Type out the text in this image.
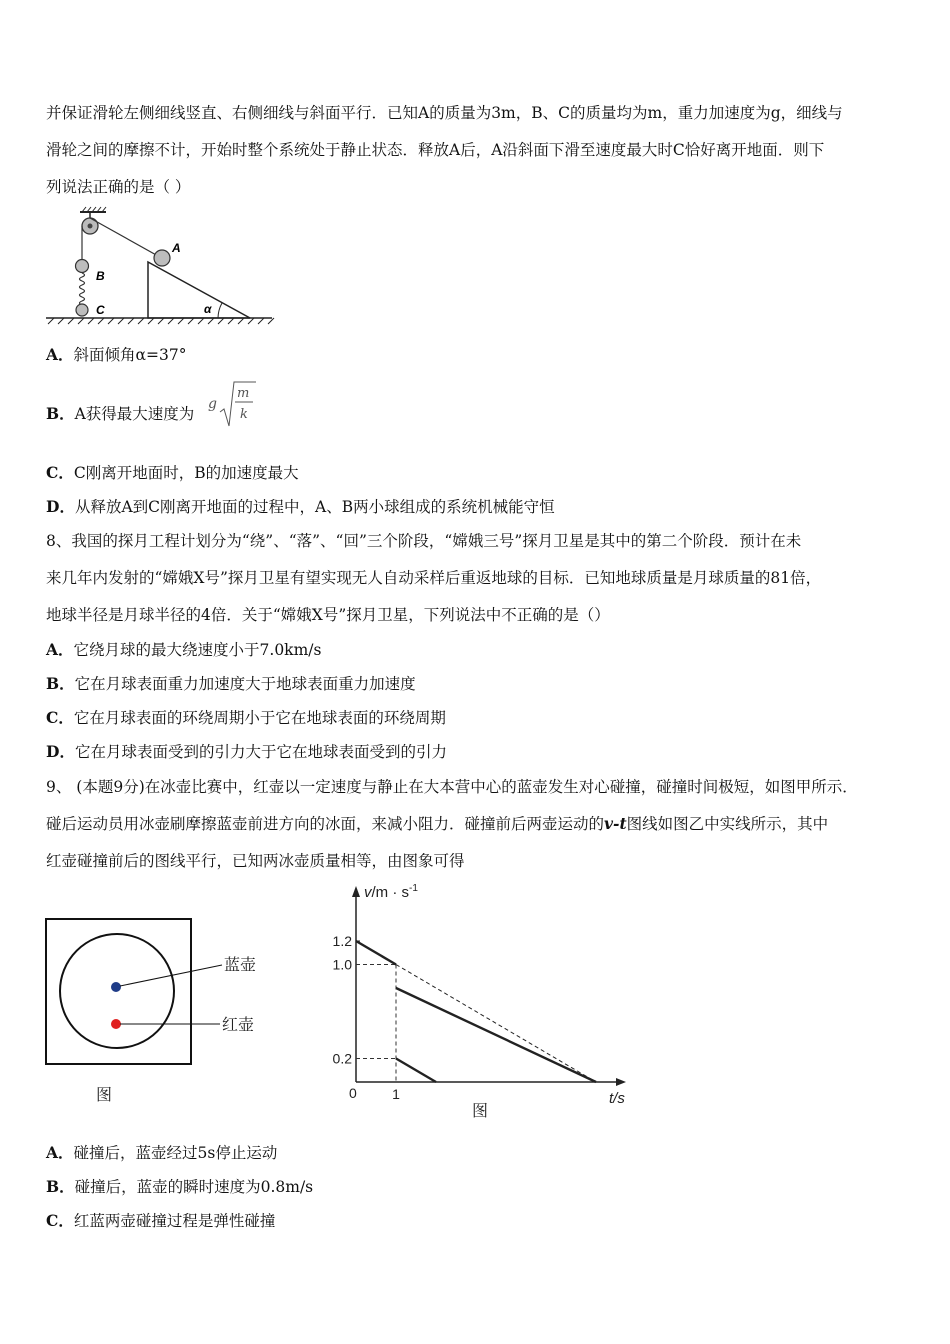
并保证滑轮左侧细线竖直、右侧细线与斜面平行．已知A的质量为3m，B、C的质量均为m，重力加速度为g，细线与
滑轮之间的摩擦不计，开始时整个系统处于静止状态．释放A后，A沿斜面下滑至速度最大时C恰好离开地面．则下
列说法正确的是（ ）
A
B
C	α
A．斜面倾角α=37°
B．A获得最大速度为
g
m
k
C．C刚离开地面时，B的加速度最大
D．从释放A到C刚离开地面的过程中，A、B两小球组成的系统机械能守恒
8、我国的探月工程计划分为“绕”、“落”、“回”三个阶段，“嫦娥三号”探月卫星是其中的第二个阶段．预计在未
来几年内发射的“嫦娥X号”探月卫星有望实现无人自动采样后重返地球的目标．已知地球质量是月球质量的81倍，
地球半径是月球半径的4倍．关于“嫦娥X号”探月卫星，下列说法中不正确的是（）
A．它绕月球的最大绕速度小于7.0km/s
B．它在月球表面重力加速度大于地球表面重力加速度
C．它在月球表面的环绕周期小于它在地球表面的环绕周期
D．它在月球表面受到的引力大于它在地球表面受到的引力
9、 (本题9分)在冰壶比赛中，红壶以一定速度与静止在大本营中心的蓝壶发生对心碰撞，碰撞时间极短，如图甲所示．
碰后运动员用冰壶刷摩擦蓝壶前进方向的冰面，来减小阻力．碰撞前后两壶运动的v-t图线如图乙中实线所示，其中
红壶碰撞前后的图线平行，已知两冰壶质量相等，由图象可得
蓝壶
红壶
图
$v/m \cdot s^{-1}$
t/s
0
图
1.2
1.0
0.2
1
A．碰撞后，蓝壶经过5s停止运动
B．碰撞后，蓝壶的瞬时速度为0.8m/s
C．红蓝两壶碰撞过程是弹性碰撞
